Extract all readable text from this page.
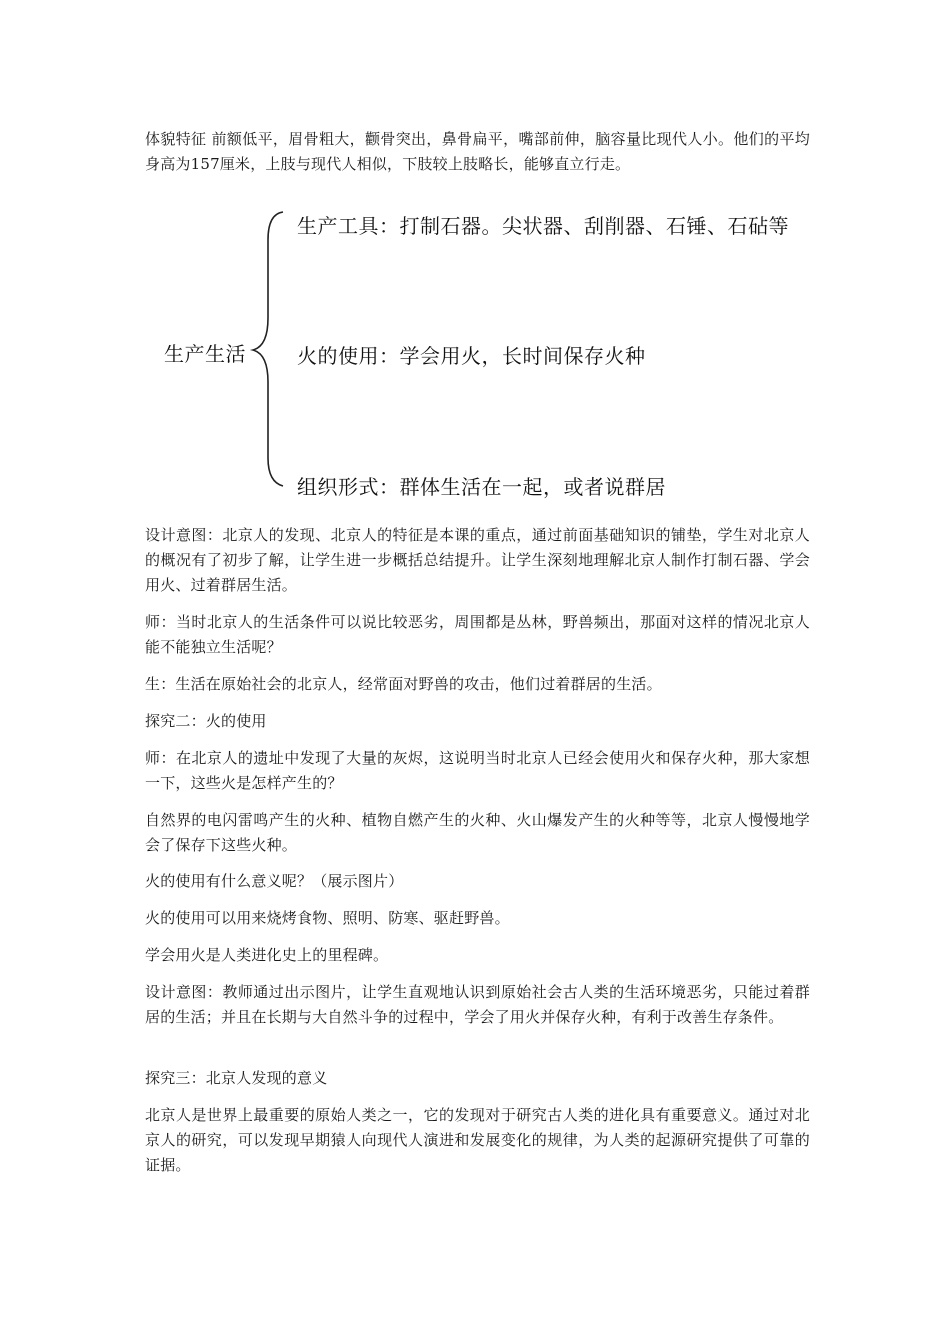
体貌特征 前额低平，眉骨粗大，颧骨突出，鼻骨扁平，嘴部前伸，脑容量比现代人小。他们的平均身高为157厘米，上肢与现代人相似，下肢较上肢略长，能够直立行走。

生产生活
生产工具：打制石器。尖状器、刮削器、石锤、石砧等
火的使用：学会用火，长时间保存火种
组织形式：群体生活在一起，或者说群居

设计意图：北京人的发现、北京人的特征是本课的重点，通过前面基础知识的铺垫，学生对北京人的概况有了初步了解，让学生进一步概括总结提升。让学生深刻地理解北京人制作打制石器、学会用火、过着群居生活。

师：当时北京人的生活条件可以说比较恶劣，周围都是丛林，野兽频出，那面对这样的情况北京人能不能独立生活呢？

生：生活在原始社会的北京人，经常面对野兽的攻击，他们过着群居的生活。

探究二：火的使用

师：在北京人的遗址中发现了大量的灰烬，这说明当时北京人已经会使用火和保存火种，那大家想一下，这些火是怎样产生的？

自然界的电闪雷鸣产生的火种、植物自燃产生的火种、火山爆发产生的火种等等，北京人慢慢地学会了保存下这些火种。

火的使用有什么意义呢？（展示图片）

火的使用可以用来烧烤食物、照明、防寒、驱赶野兽。

学会用火是人类进化史上的里程碑。

设计意图：教师通过出示图片，让学生直观地认识到原始社会古人类的生活环境恶劣，只能过着群居的生活；并且在长期与大自然斗争的过程中，学会了用火并保存火种，有利于改善生存条件。

探究三：北京人发现的意义

北京人是世界上最重要的原始人类之一，它的发现对于研究古人类的进化具有重要意义。通过对北京人的研究，可以发现早期猿人向现代人演进和发展变化的规律，为人类的起源研究提供了可靠的证据。
